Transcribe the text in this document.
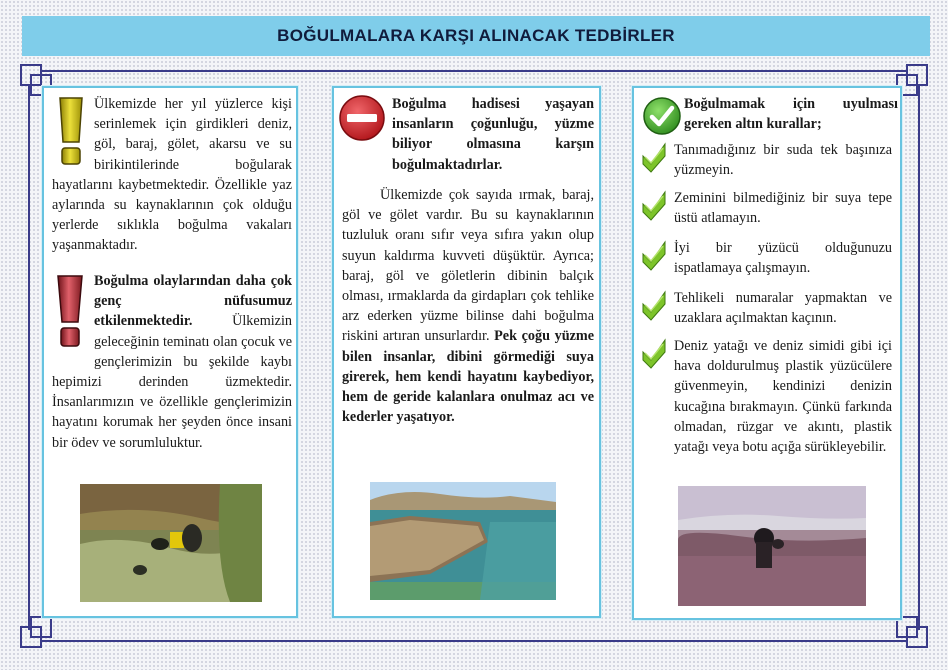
BOĞULMALARA KARŞI ALINACAK TEDBİRLER
Ülkemizde her yıl yüzlerce kişi serinlemek için girdikleri deniz, göl, baraj, gölet, akarsu ve su birikintilerinde boğularak hayatlarını kaybetmektedir. Özellikle yaz aylarında su kaynaklarının çok olduğu yerlerde sıklıkla boğulma vakaları yaşanmaktadır.
Boğulma olaylarından daha çok genç nüfusumuz etkilenmektedir. Ülkemizin geleceğinin teminatı olan çocuk ve gençlerimizin bu şekilde kaybı hepimizi derinden üzmektedir. İnsanlarımızın ve özellikle gençlerimizin hayatını korumak her şeyden önce insani bir ödev ve sorumluluktur.
Boğulma hadisesi yaşayan insanların çoğunluğu, yüzme biliyor olmasına karşın boğulmaktadırlar.
Ülkemizde çok sayıda ırmak, baraj, göl ve gölet vardır. Bu su kaynaklarının tuzluluk oranı sıfır veya sıfıra yakın olup suyun kaldırma kuvveti düşüktür. Ayrıca; baraj, göl ve göletlerin dibinin balçık olması, ırmaklarda da girdapları çok tehlike arz ederken yüzme bilinse dahi boğulma riskini artıran unsurlardır. Pek çoğu yüzme bilen insanlar, dibini görmediği suya girerek, hem kendi hayatını kaybediyor, hem de geride kalanlara onulmaz acı ve kederler yaşatıyor.
Boğulmamak için uyulması gereken altın kurallar;
Tanımadığınız bir suda tek başınıza yüzmeyin.
Zeminini bilmediğiniz bir suya tepe üstü atlamayın.
İyi bir yüzücü olduğunuzu ispatlamaya çalışmayın.
Tehlikeli numaralar yapmaktan ve uzaklara açılmaktan kaçının.
Deniz yatağı ve deniz simidi gibi içi hava doldurulmuş plastik yüzücülere güvenmeyin, kendinizi denizin kucağına bırakmayın. Çünkü farkında olmadan, rüzgar ve akıntı, plastik yatağı veya botu açığa sürükleyebilir.
